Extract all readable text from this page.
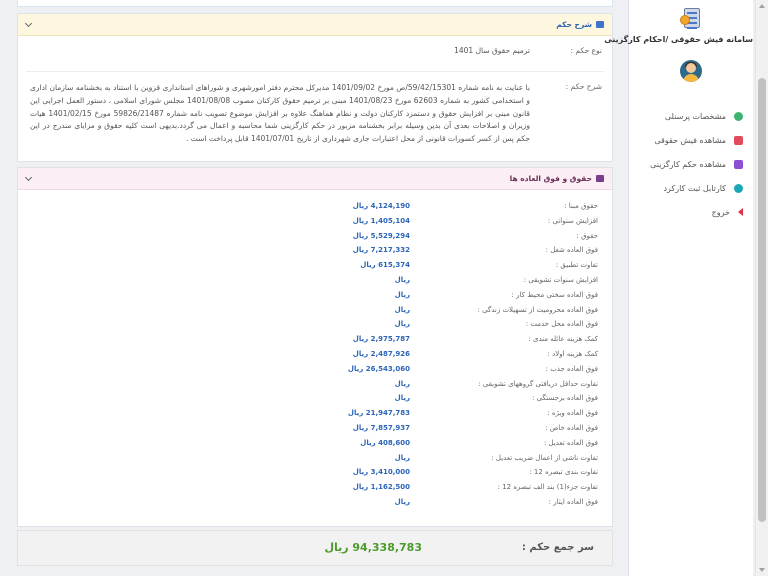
شرح حکم
نوع حکم :
ترمیم حقوق سال 1401
شرح حکم :
با عنایت به نامه شماره 59/42/15301/ص مورخ 1401/09/02 مدیرکل محترم دفتر امورشهری و شوراهای استانداری قزوین با استناد به بخشنامه سازمان اداری و استخدامی کشور به شماره 62603 مورخ 1401/08/23 مبنی بر ترمیم حقوق کارکنان مصوب 1401/08/08 مجلس شورای اسلامی ، دستور العمل اجرایی این قانون مبنی بر افزایش حقوق و دستمزد کارکنان دولت و نظام هماهنگ علاوه بر افزایش موضوع تصویب نامه شماره 59826/21487 مورخ 1401/02/15 هیات وزیران و اصلاحات بعدی آن بدین وسیله برابر بخشنامه مزبور در حکم کارگزینی شما محاسبه و اعمال می گردد.بدیهی است کلیه حقوق و مزایای مندرج در این حکم پس از کسر کسورات قانونی از محل اعتبارات جاری شهرداری از تاریخ 1401/07/01 قابل پرداخت است .
حقوق و فوق العاده ها
حقوق مبنا :
4,124,190 ریال
افزایش سنواتی :
1,405,104 ریال
حقوق :
5,529,294 ریال
فوق العاده شغل :
7,217,332 ریال
تفاوت تطبیق :
615,374 ریال
افزایش سنوات تشویقی :
ریال
فوق العاده سختی محیط کار :
ریال
فوق العاده محرومیت از تسهیلات زندگی :
ریال
فوق العاده محل خدمت :
ریال
کمک هزینه عائله مندی :
2,975,787 ریال
کمک هزینه اولاد :
2,487,926 ریال
فوق العاده جذب :
26,543,060 ریال
تفاوت حداقل دریافتی گروههای تشویقی :
ریال
فوق العاده برجستگی :
ریال
فوق العاده ویژه :
21,947,783 ریال
فوق العاده خاص :
7,857,937 ریال
فوق العاده تعدیل :
408,600 ریال
تفاوت ناشی از اعمال ضریب تعدیل :
ریال
تفاوت بندی تبصره 12 :
3,410,000 ریال
تفاوت جزء(1) بند الف تبصره 12 :
1,162,500 ریال
فوق العاده ایثار :
ریال
سر جمع حکم :
94,338,783 ریال
سامانه فیش حقوقی /احکام کارگزینی
مشخصات پرسنلی
مشاهده فیش حقوقی
مشاهده حکم کارگزینی
کارتابل ثبت کارکرد
خروج
